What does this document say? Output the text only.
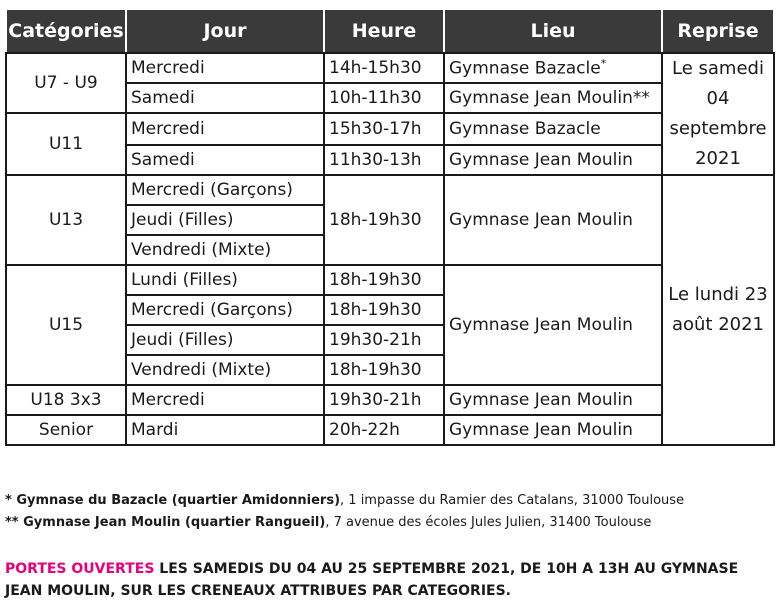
Catégories	Jour	Heure	Lieu	Reprise
U7 - U9	Mercredi	14h-15h30	Gymnase Bazacle*	Le samedi 04 septembre 2021
	Samedi	10h-11h30	Gymnase Jean Moulin**	
U11	Mercredi	15h30-17h	Gymnase Bazacle	
	Samedi	11h30-13h	Gymnase Jean Moulin	
U13	Mercredi (Garçons)	18h-19h30	Gymnase Jean Moulin	Le lundi 23 août 2021
	Jeudi (Filles)			
	Vendredi (Mixte)			
U15	Lundi (Filles)	18h-19h30	Gymnase Jean Moulin	
	Mercredi (Garçons)	18h-19h30		
	Jeudi (Filles)	19h30-21h		
	Vendredi (Mixte)	18h-19h30		
U18 3x3	Mercredi	19h30-21h	Gymnase Jean Moulin	
Senior	Mardi	20h-22h	Gymnase Jean Moulin	
* Gymnase du Bazacle (quartier Amidonniers), 1 impasse du Ramier des Catalans, 31000 Toulouse
** Gymnase Jean Moulin (quartier Rangueil), 7 avenue des écoles Jules Julien, 31400 Toulouse
PORTES OUVERTES LES SAMEDIS DU 04 AU 25 SEPTEMBRE 2021, DE 10H A 13H AU GYMNASE JEAN MOULIN, SUR LES CRENEAUX ATTRIBUES PAR CATEGORIES.
